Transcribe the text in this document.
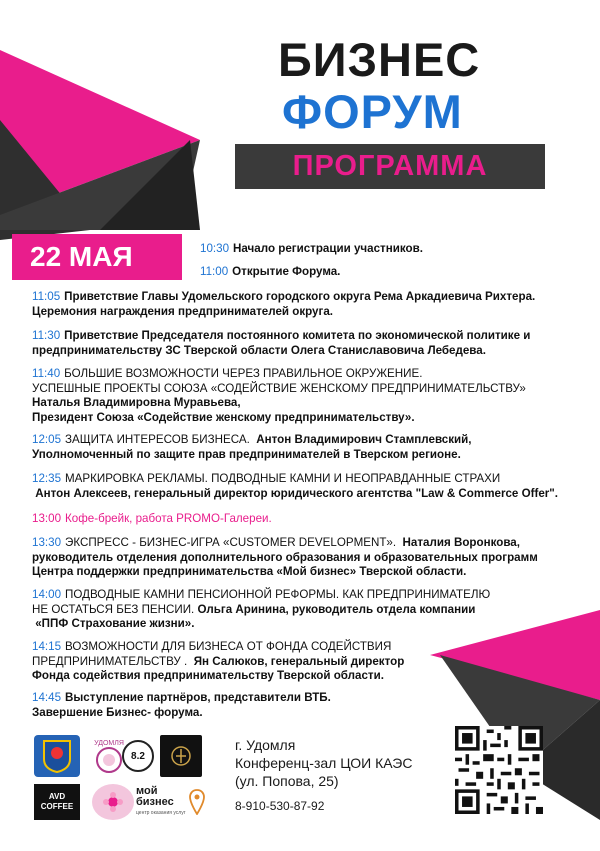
БИЗНЕС
ФОРУМ
ПРОГРАММА
22 МАЯ	10:30 Начало регистрации участников.
11:00 Открытие Форума.
11:05 Приветствие Главы Удомельского городского округа Рема Аркадиевича Рихтера.
Церемония награждения предпринимателей округа.
11:30 Приветствие Председателя постоянного комитета по экономической политике и
предпринимательству ЗС Тверской области Олега Станиславовича Лебедева.
11:40 БОЛЬШИЕ ВОЗМОЖНОСТИ ЧЕРЕЗ ПРАВИЛЬНОЕ ОКРУЖЕНИЕ.
УСПЕШНЫЕ ПРОЕКТЫ СОЮЗА «СОДЕЙСТВИЕ ЖЕНСКОМУ ПРЕДПРИНИМАТЕЛЬСТВУ»
Наталья Владимировна Муравьева,
Президент Союза «Содействие женскому предпринимательству».
12:05 ЗАЩИТА ИНТЕРЕСОВ БИЗНЕСА. Антон Владимирович Стамплевский,
Уполномоченный по защите прав предпринимателей в Тверском регионе.
12:35 МАРКИРОВКА РЕКЛАМЫ. ПОДВОДНЫЕ КАМНИ И НЕОПРАВДАННЫЕ СТРАХИ
Антон Алексеев, генеральный директор юридического агентства "Law & Commerce Offer".
13:00 Кофе-брейк, работа PROMO-Галереи.
13:30 ЭКСПРЕСС - БИЗНЕС-ИГРА «CUSTOMER DEVELOPMENT». Наталия Воронкова,
руководитель отделения дополнительного образования и образовательных программ
Центра поддержки предпринимательства «Мой бизнес» Тверской области.
14:00 ПОДВОДНЫЕ КАМНИ ПЕНСИОННОЙ РЕФОРМЫ. КАК ПРЕДПРИНИМАТЕЛЮ
НЕ ОСТАТЬСЯ БЕЗ ПЕНСИИ. Ольга Аринина, руководитель отдела компании
«ППФ Страхование жизни».
14:15 ВОЗМОЖНОСТИ ДЛЯ БИЗНЕСА ОТ ФОНДА СОДЕЙСТВИЯ
ПРЕДПРИНИМАТЕЛЬСТВУ . Ян Салюков, генеральный директор
Фонда содействия предпринимательству Тверской области.
14:45 Выступление партнёров, представители ВТБ.
Завершение Бизнес- форума.
УДОМЛЯ
8.2
AVD
COFFEE
мой
бизнес
центр оказания услуг
г. Удомля
Конференц-зал ЦОИ КАЭС
(ул. Попова, 25)
8-910-530-87-92
